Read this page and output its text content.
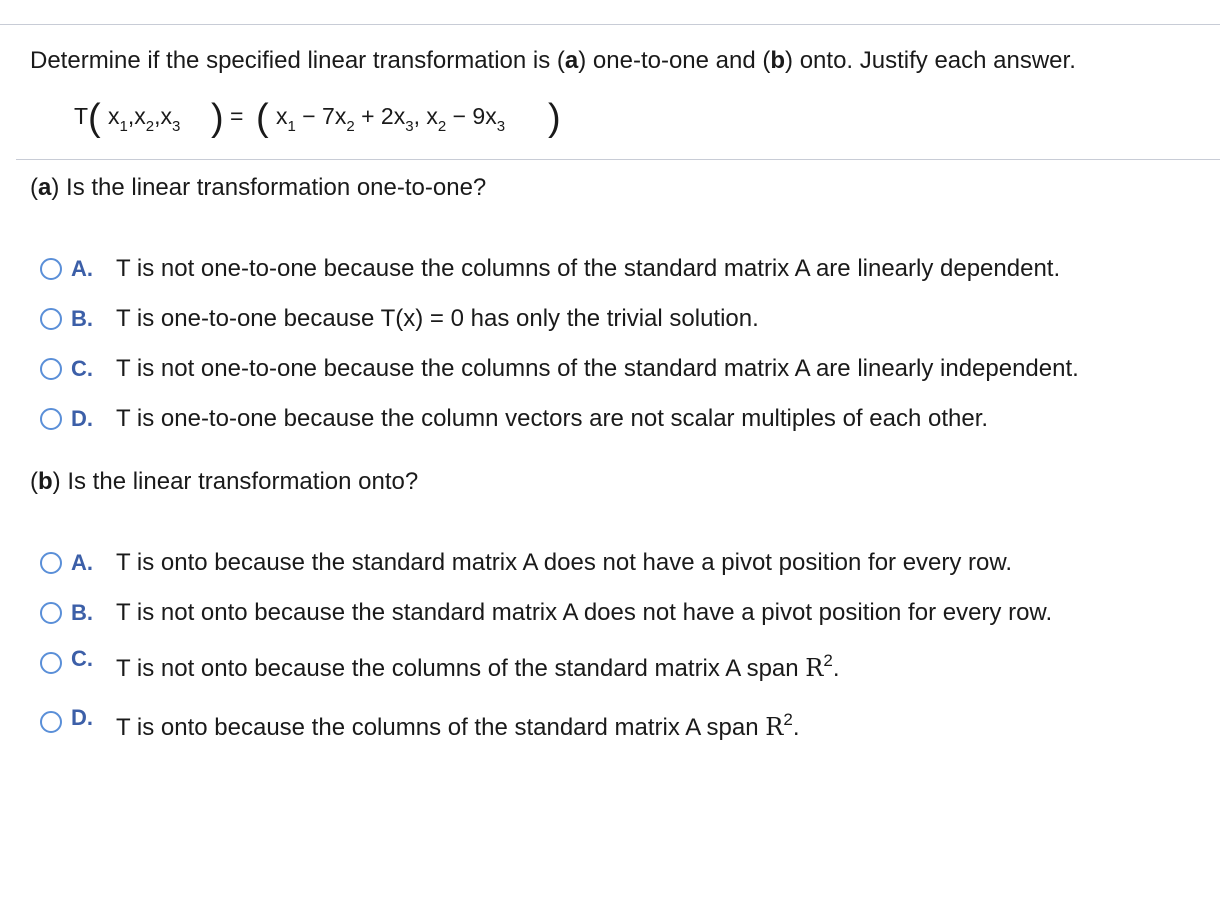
Determine if the specified linear transformation is (a) one-to-one and (b) onto. Justify each answer.
T ( $x_1,x_2,x_3$ ) = ( $x_1 - 7x_2 + 2x_3$, $x_2 - 9x_3$ )
(a) Is the linear transformation one-to-one?
A. T is not one-to-one because the columns of the standard matrix A are linearly dependent.
B. T is one-to-one because T(x) = 0 has only the trivial solution.
C. T is not one-to-one because the columns of the standard matrix A are linearly independent.
D. T is one-to-one because the column vectors are not scalar multiples of each other.
(b) Is the linear transformation onto?
A. T is onto because the standard matrix A does not have a pivot position for every row.
B. T is not onto because the standard matrix A does not have a pivot position for every row.
C. T is not onto because the columns of the standard matrix A span $R^2$.
D. T is onto because the columns of the standard matrix A span $R^2$.
